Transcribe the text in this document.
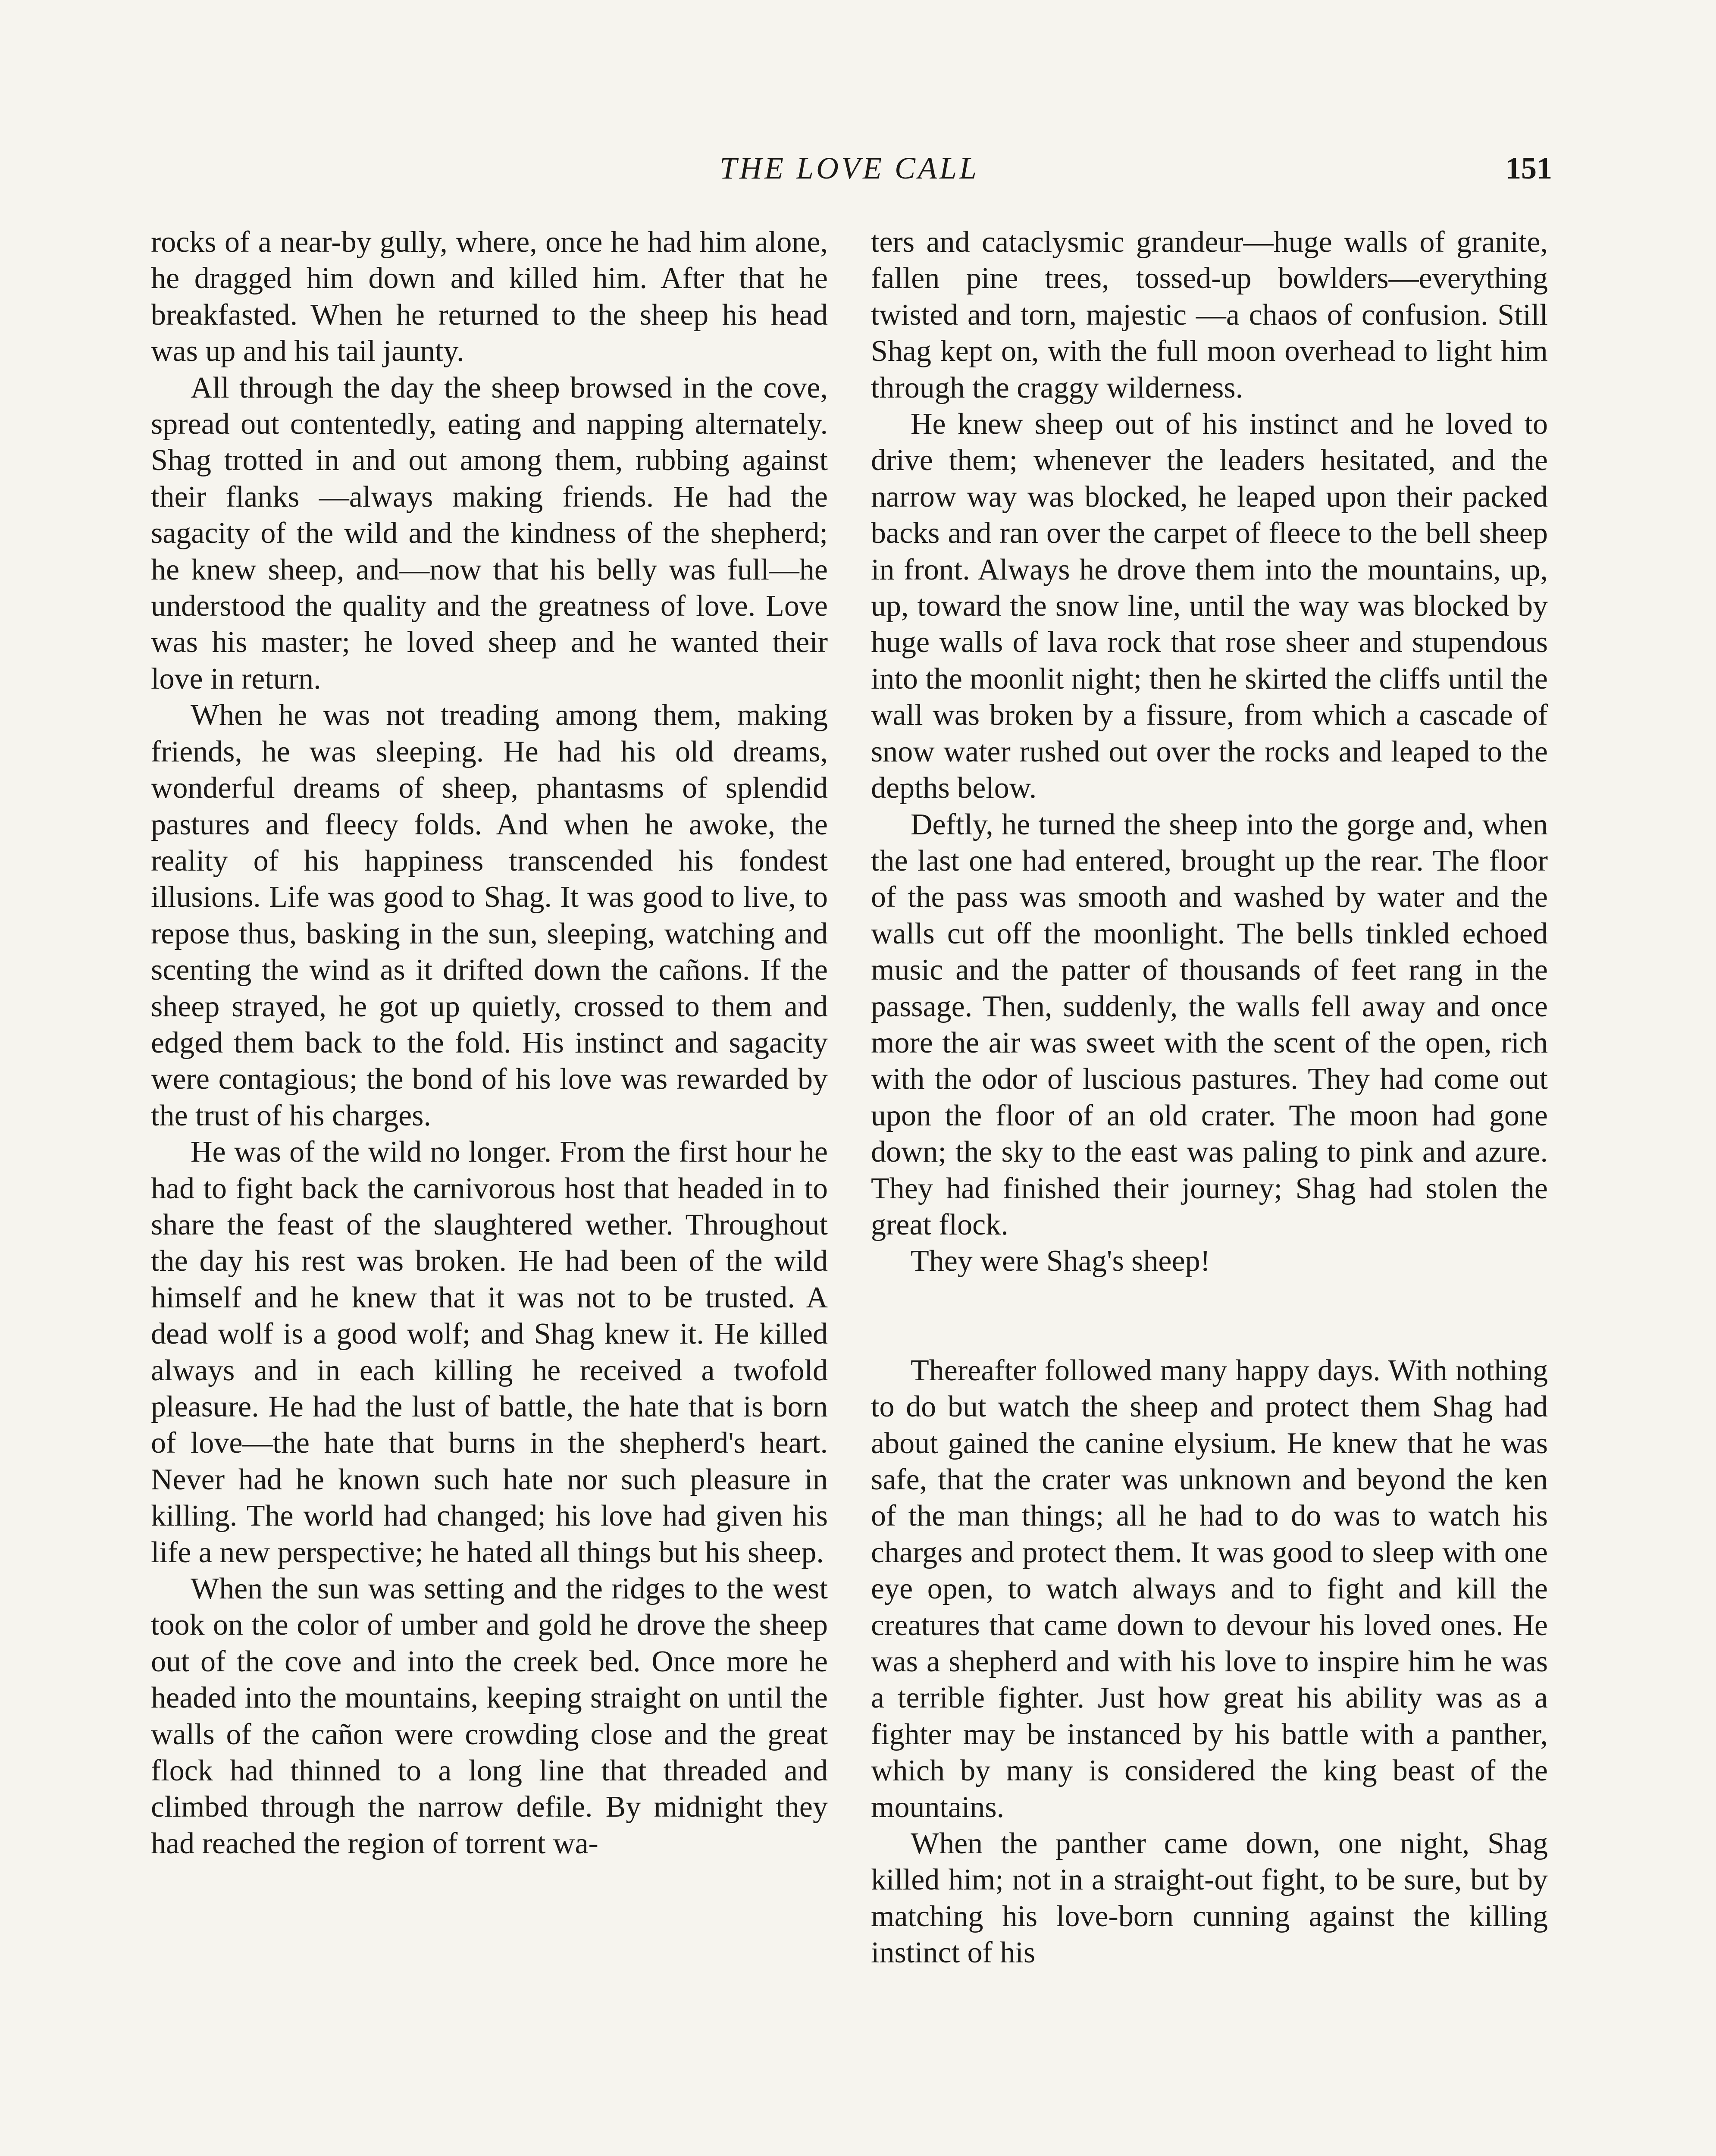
THE LOVE CALL	151

rocks of a near-by gully, where, once he had him alone, he dragged him down and killed him. After that he breakfasted. When he returned to the sheep his head was up and his tail jaunty.

All through the day the sheep browsed in the cove, spread out contentedly, eating and napping alternately. Shag trotted in and out among them, rubbing against their flanks —always making friends. He had the sagacity of the wild and the kindness of the shepherd; he knew sheep, and—now that his belly was full—he understood the quality and the greatness of love. Love was his master; he loved sheep and he wanted their love in return.

When he was not treading among them, making friends, he was sleeping. He had his old dreams, wonderful dreams of sheep, phantasms of splendid pastures and fleecy folds. And when he awoke, the reality of his happiness transcended his fondest illusions. Life was good to Shag. It was good to live, to repose thus, basking in the sun, sleeping, watching and scenting the wind as it drifted down the cañons. If the sheep strayed, he got up quietly, crossed to them and edged them back to the fold. His instinct and sagacity were contagious; the bond of his love was rewarded by the trust of his charges.

He was of the wild no longer. From the first hour he had to fight back the carnivorous host that headed in to share the feast of the slaughtered wether. Throughout the day his rest was broken. He had been of the wild himself and he knew that it was not to be trusted. A dead wolf is a good wolf; and Shag knew it. He killed always and in each killing he received a twofold pleasure. He had the lust of battle, the hate that is born of love—the hate that burns in the shepherd's heart. Never had he known such hate nor such pleasure in killing. The world had changed; his love had given his life a new perspective; he hated all things but his sheep.

When the sun was setting and the ridges to the west took on the color of umber and gold he drove the sheep out of the cove and into the creek bed. Once more he headed into the mountains, keeping straight on until the walls of the cañon were crowding close and the great flock had thinned to a long line that threaded and climbed through the narrow defile. By midnight they had reached the region of torrent wa-

ters and cataclysmic grandeur—huge walls of granite, fallen pine trees, tossed-up bowlders—everything twisted and torn, majestic —a chaos of confusion. Still Shag kept on, with the full moon overhead to light him through the craggy wilderness.

He knew sheep out of his instinct and he loved to drive them; whenever the leaders hesitated, and the narrow way was blocked, he leaped upon their packed backs and ran over the carpet of fleece to the bell sheep in front. Always he drove them into the mountains, up, up, toward the snow line, until the way was blocked by huge walls of lava rock that rose sheer and stupendous into the moonlit night; then he skirted the cliffs until the wall was broken by a fissure, from which a cascade of snow water rushed out over the rocks and leaped to the depths below.

Deftly, he turned the sheep into the gorge and, when the last one had entered, brought up the rear. The floor of the pass was smooth and washed by water and the walls cut off the moonlight. The bells tinkled echoed music and the patter of thousands of feet rang in the passage. Then, suddenly, the walls fell away and once more the air was sweet with the scent of the open, rich with the odor of luscious pastures. They had come out upon the floor of an old crater. The moon had gone down; the sky to the east was paling to pink and azure. They had finished their journey; Shag had stolen the great flock.

They were Shag's sheep!

Thereafter followed many happy days. With nothing to do but watch the sheep and protect them Shag had about gained the canine elysium. He knew that he was safe, that the crater was unknown and beyond the ken of the man things; all he had to do was to watch his charges and protect them. It was good to sleep with one eye open, to watch always and to fight and kill the creatures that came down to devour his loved ones. He was a shepherd and with his love to inspire him he was a terrible fighter. Just how great his ability was as a fighter may be instanced by his battle with a panther, which by many is considered the king beast of the mountains.

When the panther came down, one night, Shag killed him; not in a straight-out fight, to be sure, but by matching his love-born cunning against the killing instinct of his
